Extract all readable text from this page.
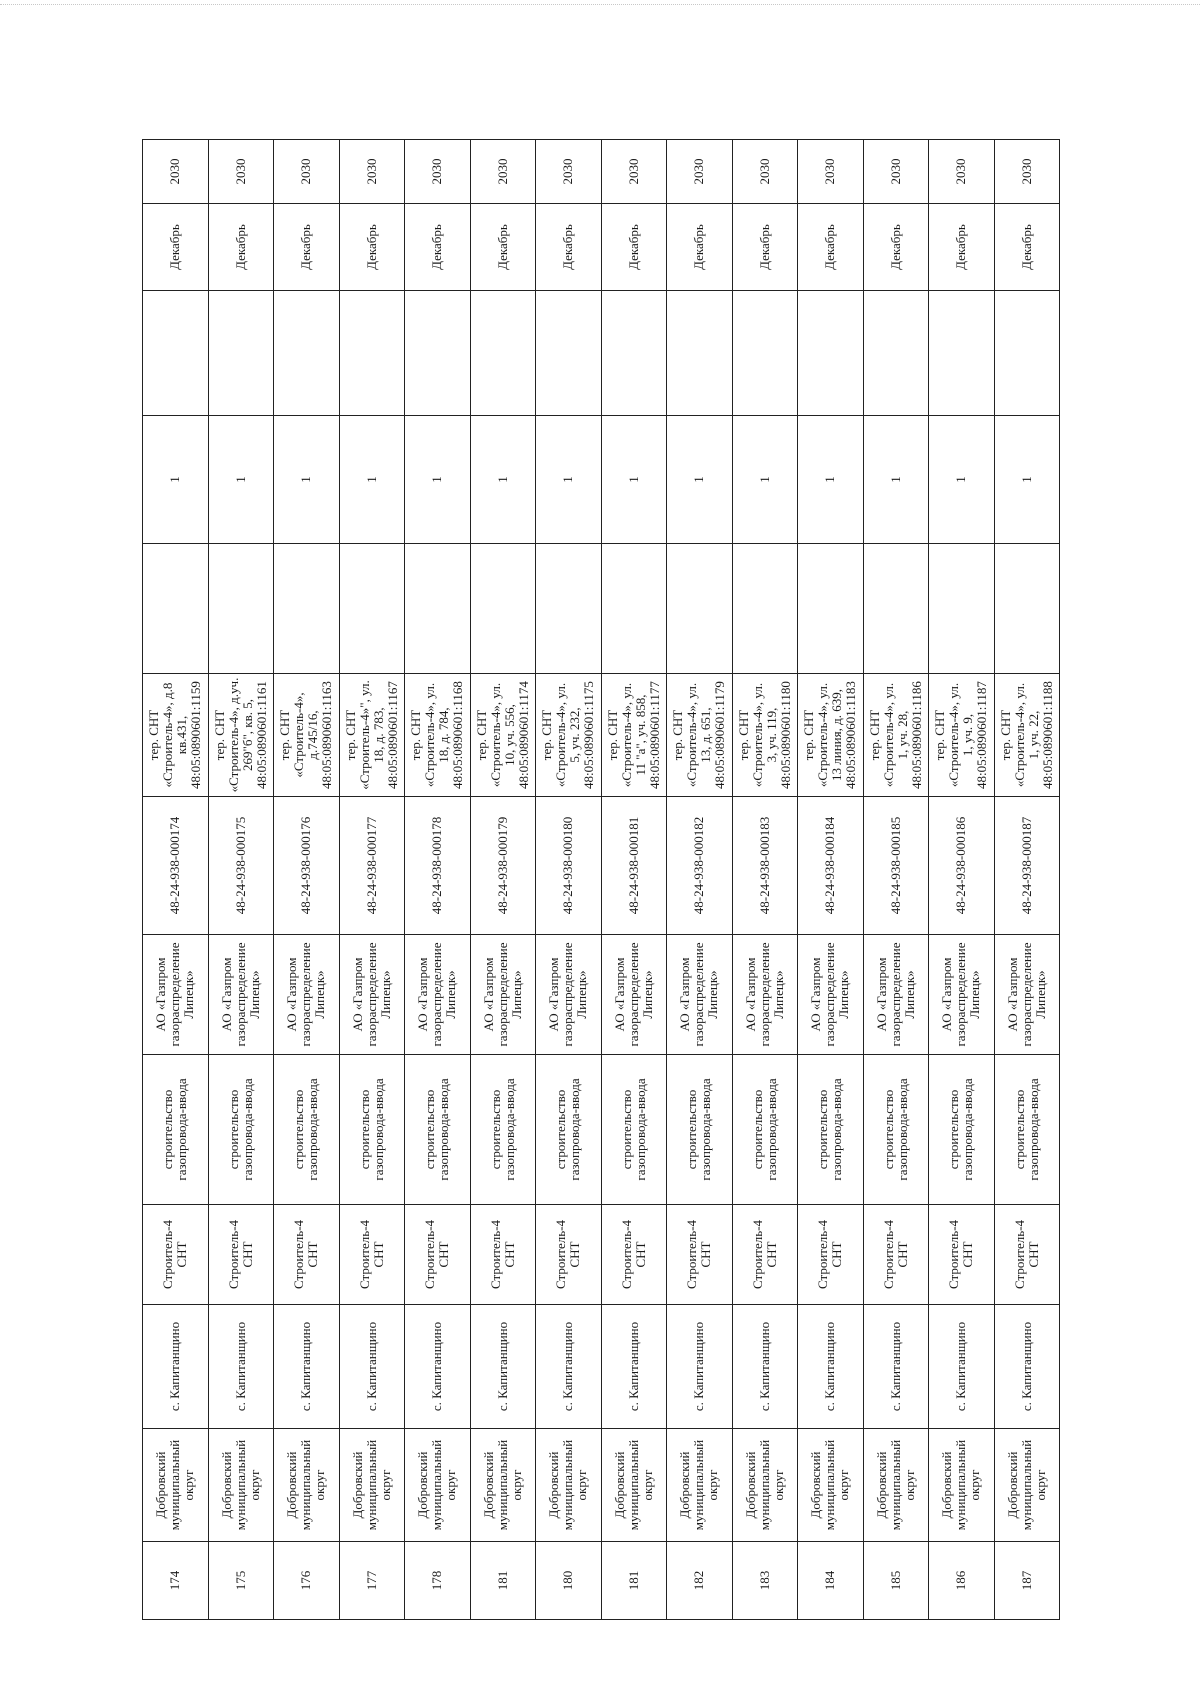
174	Добровский муниципальный округ	с. Капитанщино	Строитель-4 СНТ	строительство газопровода-ввода	АО «Газпром газораспределение Липецк»	48-24-938-000174	тер. СНТ «Строитель-4», д.8 кв.431, 48:05:0890601:1159		1		Декабрь	2030
175	Добровский муниципальный округ	с. Капитанщино	Строитель-4 СНТ	строительство газопровода-ввода	АО «Газпром газораспределение Липецк»	48-24-938-000175	тер. СНТ «Строитель-4», д.уч. 269"б", кв. 5, 48:05:0890601:1161		1		Декабрь	2030
176	Добровский муниципальный округ	с. Капитанщино	Строитель-4 СНТ	строительство газопровода-ввода	АО «Газпром газораспределение Липецк»	48-24-938-000176	тер. СНТ «Строитель-4», д.745/16, 48:05:0890601:1163		1		Декабрь	2030
177	Добровский муниципальный округ	с. Капитанщино	Строитель-4 СНТ	строительство газопровода-ввода	АО «Газпром газораспределение Липецк»	48-24-938-000177	тер. СНТ «Строитель-4»", ул. 18, д. 783, 48:05:0890601:1167		1		Декабрь	2030
178	Добровский муниципальный округ	с. Капитанщино	Строитель-4 СНТ	строительство газопровода-ввода	АО «Газпром газораспределение Липецк»	48-24-938-000178	тер. СНТ «Строитель-4», ул. 18, д. 784, 48:05:0890601:1168		1		Декабрь	2030
181	Добровский муниципальный округ	с. Капитанщино	Строитель-4 СНТ	строительство газопровода-ввода	АО «Газпром газораспределение Липецк»	48-24-938-000179	тер. СНТ «Строитель-4», ул. 10, уч. 556, 48:05:0890601:1174		1		Декабрь	2030
180	Добровский муниципальный округ	с. Капитанщино	Строитель-4 СНТ	строительство газопровода-ввода	АО «Газпром газораспределение Липецк»	48-24-938-000180	тер. СНТ «Строитель-4», ул. 5, уч. 232, 48:05:0890601:1175		1		Декабрь	2030
181	Добровский муниципальный округ	с. Капитанщино	Строитель-4 СНТ	строительство газопровода-ввода	АО «Газпром газораспределение Липецк»	48-24-938-000181	тер. СНТ «Строитель-4», ул. 11 "а", уч. 858, 48:05:0890601:1177		1		Декабрь	2030
182	Добровский муниципальный округ	с. Капитанщино	Строитель-4 СНТ	строительство газопровода-ввода	АО «Газпром газораспределение Липецк»	48-24-938-000182	тер. СНТ «Строитель-4», ул. 13, д. 651, 48:05:0890601:1179		1		Декабрь	2030
183	Добровский муниципальный округ	с. Капитанщино	Строитель-4 СНТ	строительство газопровода-ввода	АО «Газпром газораспределение Липецк»	48-24-938-000183	тер. СНТ «Строитель-4», ул. 3, уч. 119, 48:05:0890601:1180		1		Декабрь	2030
184	Добровский муниципальный округ	с. Капитанщино	Строитель-4 СНТ	строительство газопровода-ввода	АО «Газпром газораспределение Липецк»	48-24-938-000184	тер. СНТ «Строитель-4», ул. 13 линия, д. 639, 48:05:0890601:1183		1		Декабрь	2030
185	Добровский муниципальный округ	с. Капитанщино	Строитель-4 СНТ	строительство газопровода-ввода	АО «Газпром газораспределение Липецк»	48-24-938-000185	тер. СНТ «Строитель-4», ул. 1, уч. 28, 48:05:0890601:1186		1		Декабрь	2030
186	Добровский муниципальный округ	с. Капитанщино	Строитель-4 СНТ	строительство газопровода-ввода	АО «Газпром газораспределение Липецк»	48-24-938-000186	тер. СНТ «Строитель-4», ул. 1, уч. 9, 48:05:0890601:1187		1		Декабрь	2030
187	Добровский муниципальный округ	с. Капитанщино	Строитель-4 СНТ	строительство газопровода-ввода	АО «Газпром газораспределение Липецк»	48-24-938-000187	тер. СНТ «Строитель-4», ул. 1, уч. 22, 48:05:0890601:1188		1		Декабрь	2030
